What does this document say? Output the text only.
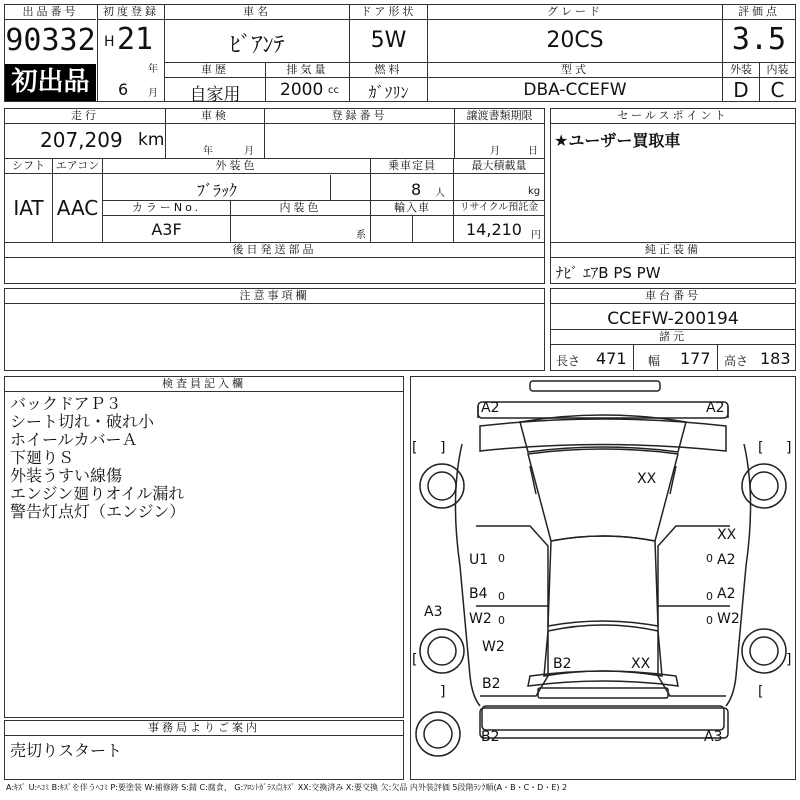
出品番号
90332
初出品
初度登録
H 21
年
6 月
車名
ﾋﾞｱﾝﾃ
ドア形状
5W
グレード
20CS
評価点
3.5
車歴
自家用
排気量
2000 cc
燃料
ｶﾞｿﾘﾝ
型式
DBA-CCEFW
外装	内装
D	C
走行
207,209 km
車検
年	月
登録番号	譲渡書類期限
月	日
シフト
IAT
エアコン
AAC
外装色
ﾌﾞﾗｯｸ
乗車定員
8 人
最大積載量
kg
カラーNo.
A3F
内装色
系
輸入車	リサイクル預託金
14,210 円
後日発送部品
セールスポイント
★ユーザー買取車
純正装備
ﾅﾋﾞ ｴｱB PS PW
注意事項欄	車台番号
CCEFW-200194
諸元
長さ 471 幅 177 高さ 183
検査員記入欄
バックドアＰ３
シート切れ・破れ小
ホイールカバーＡ
下廻りＳ
外装うすい線傷
エンジン廻りオイル漏れ
警告灯点灯（エンジン）
事務局よりご案内
売切りスタート
[
[
]
]
]	[
]	[
0
0
0
0
0
0
A2	A2
XX
XX
A2
U1
B4
W2
A2
W2
A3
W2
B2
B2	XX
B2	A3
A:ｷｽﾞ U:ﾍｺﾐ B:ｷｽﾞを伴うﾍｺﾐ P:要塗装 W:補修跡 S:錆 C:腐食、 G:ﾌﾛﾝﾄｶﾞﾗｽ点ｷｽﾞ XX:交換済み X:要交換 欠:欠品 内外装評価 5段階ﾗﾝｸ順(A・B・C・D・E) 2
